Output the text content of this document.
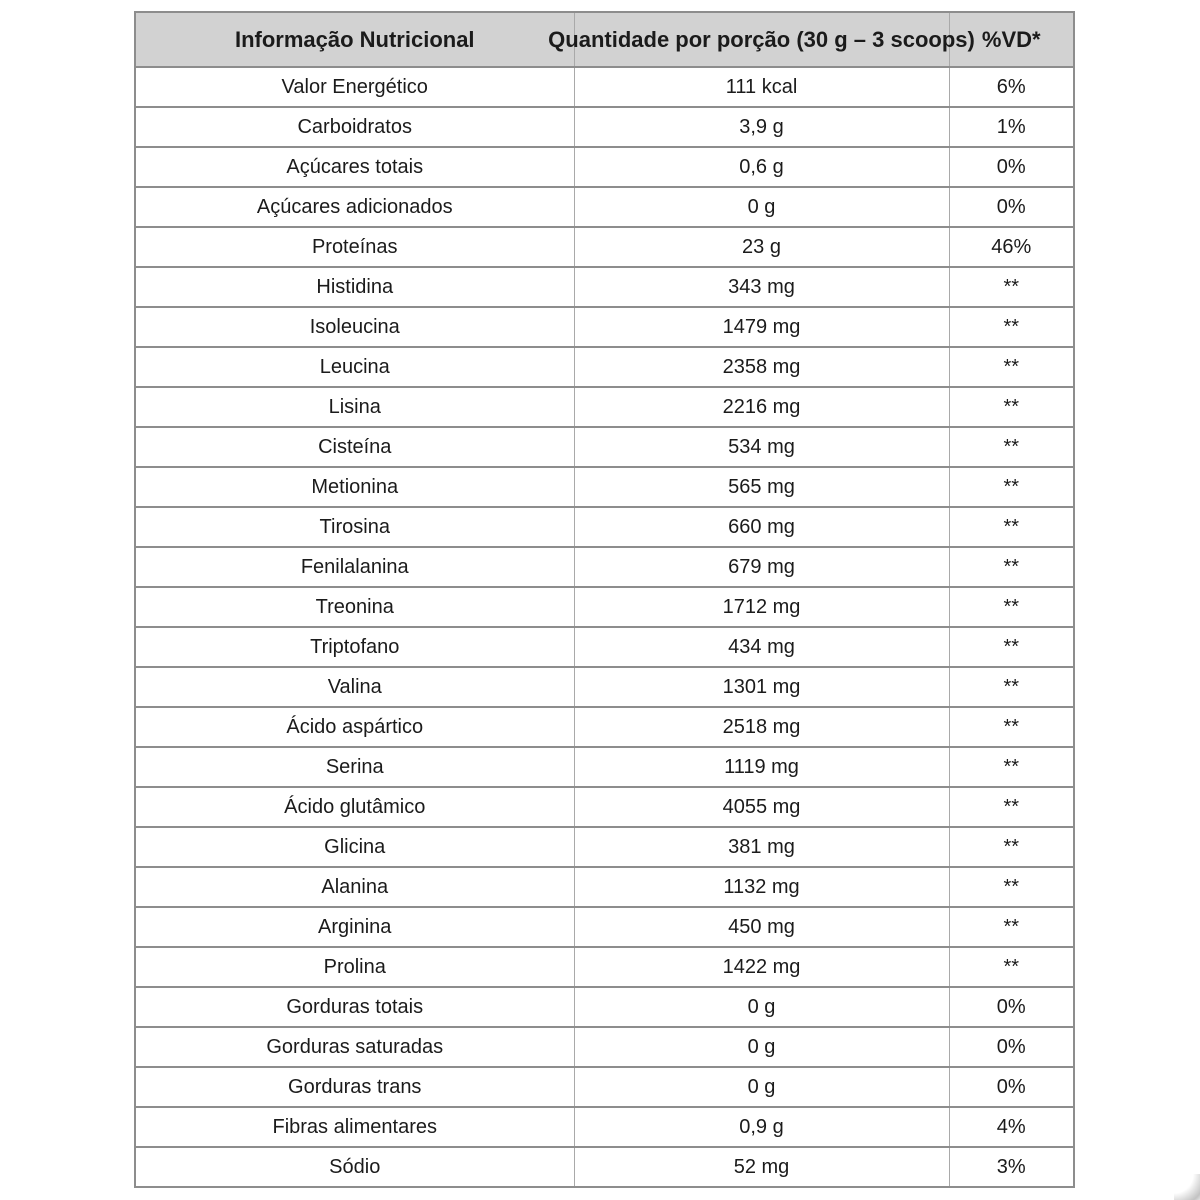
Informação Nutricional	Quantidade por porção (30 g – 3 scoops)	%VD*
Valor Energético	111 kcal	6%
Carboidratos	3,9 g	1%
Açúcares totais	0,6 g	0%
Açúcares adicionados	0 g	0%
Proteínas	23 g	46%
Histidina	343 mg	**
Isoleucina	1479 mg	**
Leucina	2358 mg	**
Lisina	2216 mg	**
Cisteína	534 mg	**
Metionina	565 mg	**
Tirosina	660 mg	**
Fenilalanina	679 mg	**
Treonina	1712 mg	**
Triptofano	434 mg	**
Valina	1301 mg	**
Ácido aspártico	2518 mg	**
Serina	1119 mg	**
Ácido glutâmico	4055 mg	**
Glicina	381 mg	**
Alanina	1132 mg	**
Arginina	450 mg	**
Prolina	1422 mg	**
Gorduras totais	0 g	0%
Gorduras saturadas	0 g	0%
Gorduras trans	0 g	0%
Fibras alimentares	0,9 g	4%
Sódio	52 mg	3%
